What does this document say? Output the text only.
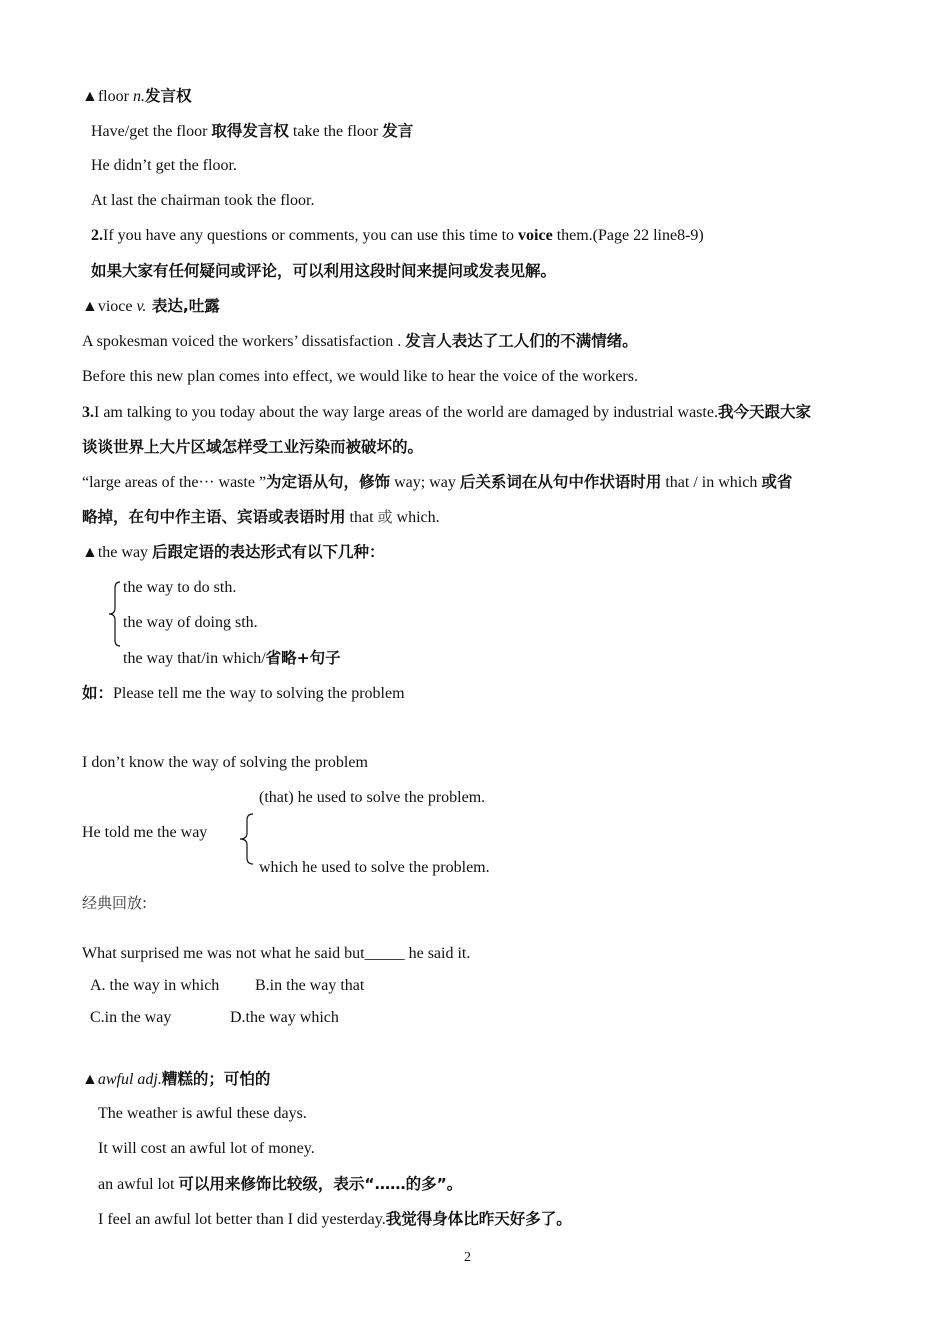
▲floor n.发言权
Have/get the floor 取得发言权 take the floor 发言
He didn’t get the floor.
At last the chairman took the floor.
2.If you have any questions or comments, you can use this time to voice them.(Page 22 line8-9)
如果大家有任何疑问或评论，可以利用这段时间来提问或发表见解。
▲vioce v. 表达,吐露
A spokesman voiced the workers’ dissatisfaction . 发言人表达了工人们的不满情绪。
Before this new plan comes into effect, we would like to hear the voice of the workers.
3.I am talking to you today about the way large areas of the world are damaged by industrial waste.我今天跟大家
谈谈世界上大片区域怎样受工业污染而被破坏的。
“large areas of the··· waste ”为定语从句，修饰 way; way 后关系词在从句中作状语时用 that / in which 或省
略掉，在句中作主语、宾语或表语时用 that 或 which.
▲the way 后跟定语的表达形式有以下几种：
the way to do sth.
the way of doing sth.
the way that/in which/省略+句子
如：Please tell me the way to solving the problem
I don’t know the way of solving the problem
(that) he used to solve the problem.
He told me the way
which he used to solve the problem.
经典回放:
What surprised me was not what he said but_____ he said it.
A. the way in which B.in the way that
C.in the way	D.the way which
▲awful adj.糟糕的；可怕的
The weather is awful these days.
It will cost an awful lot of money.
an awful lot 可以用来修饰比较级，表示“……的多”。
I feel an awful lot better than I did yesterday.我觉得身体比昨天好多了。
2
